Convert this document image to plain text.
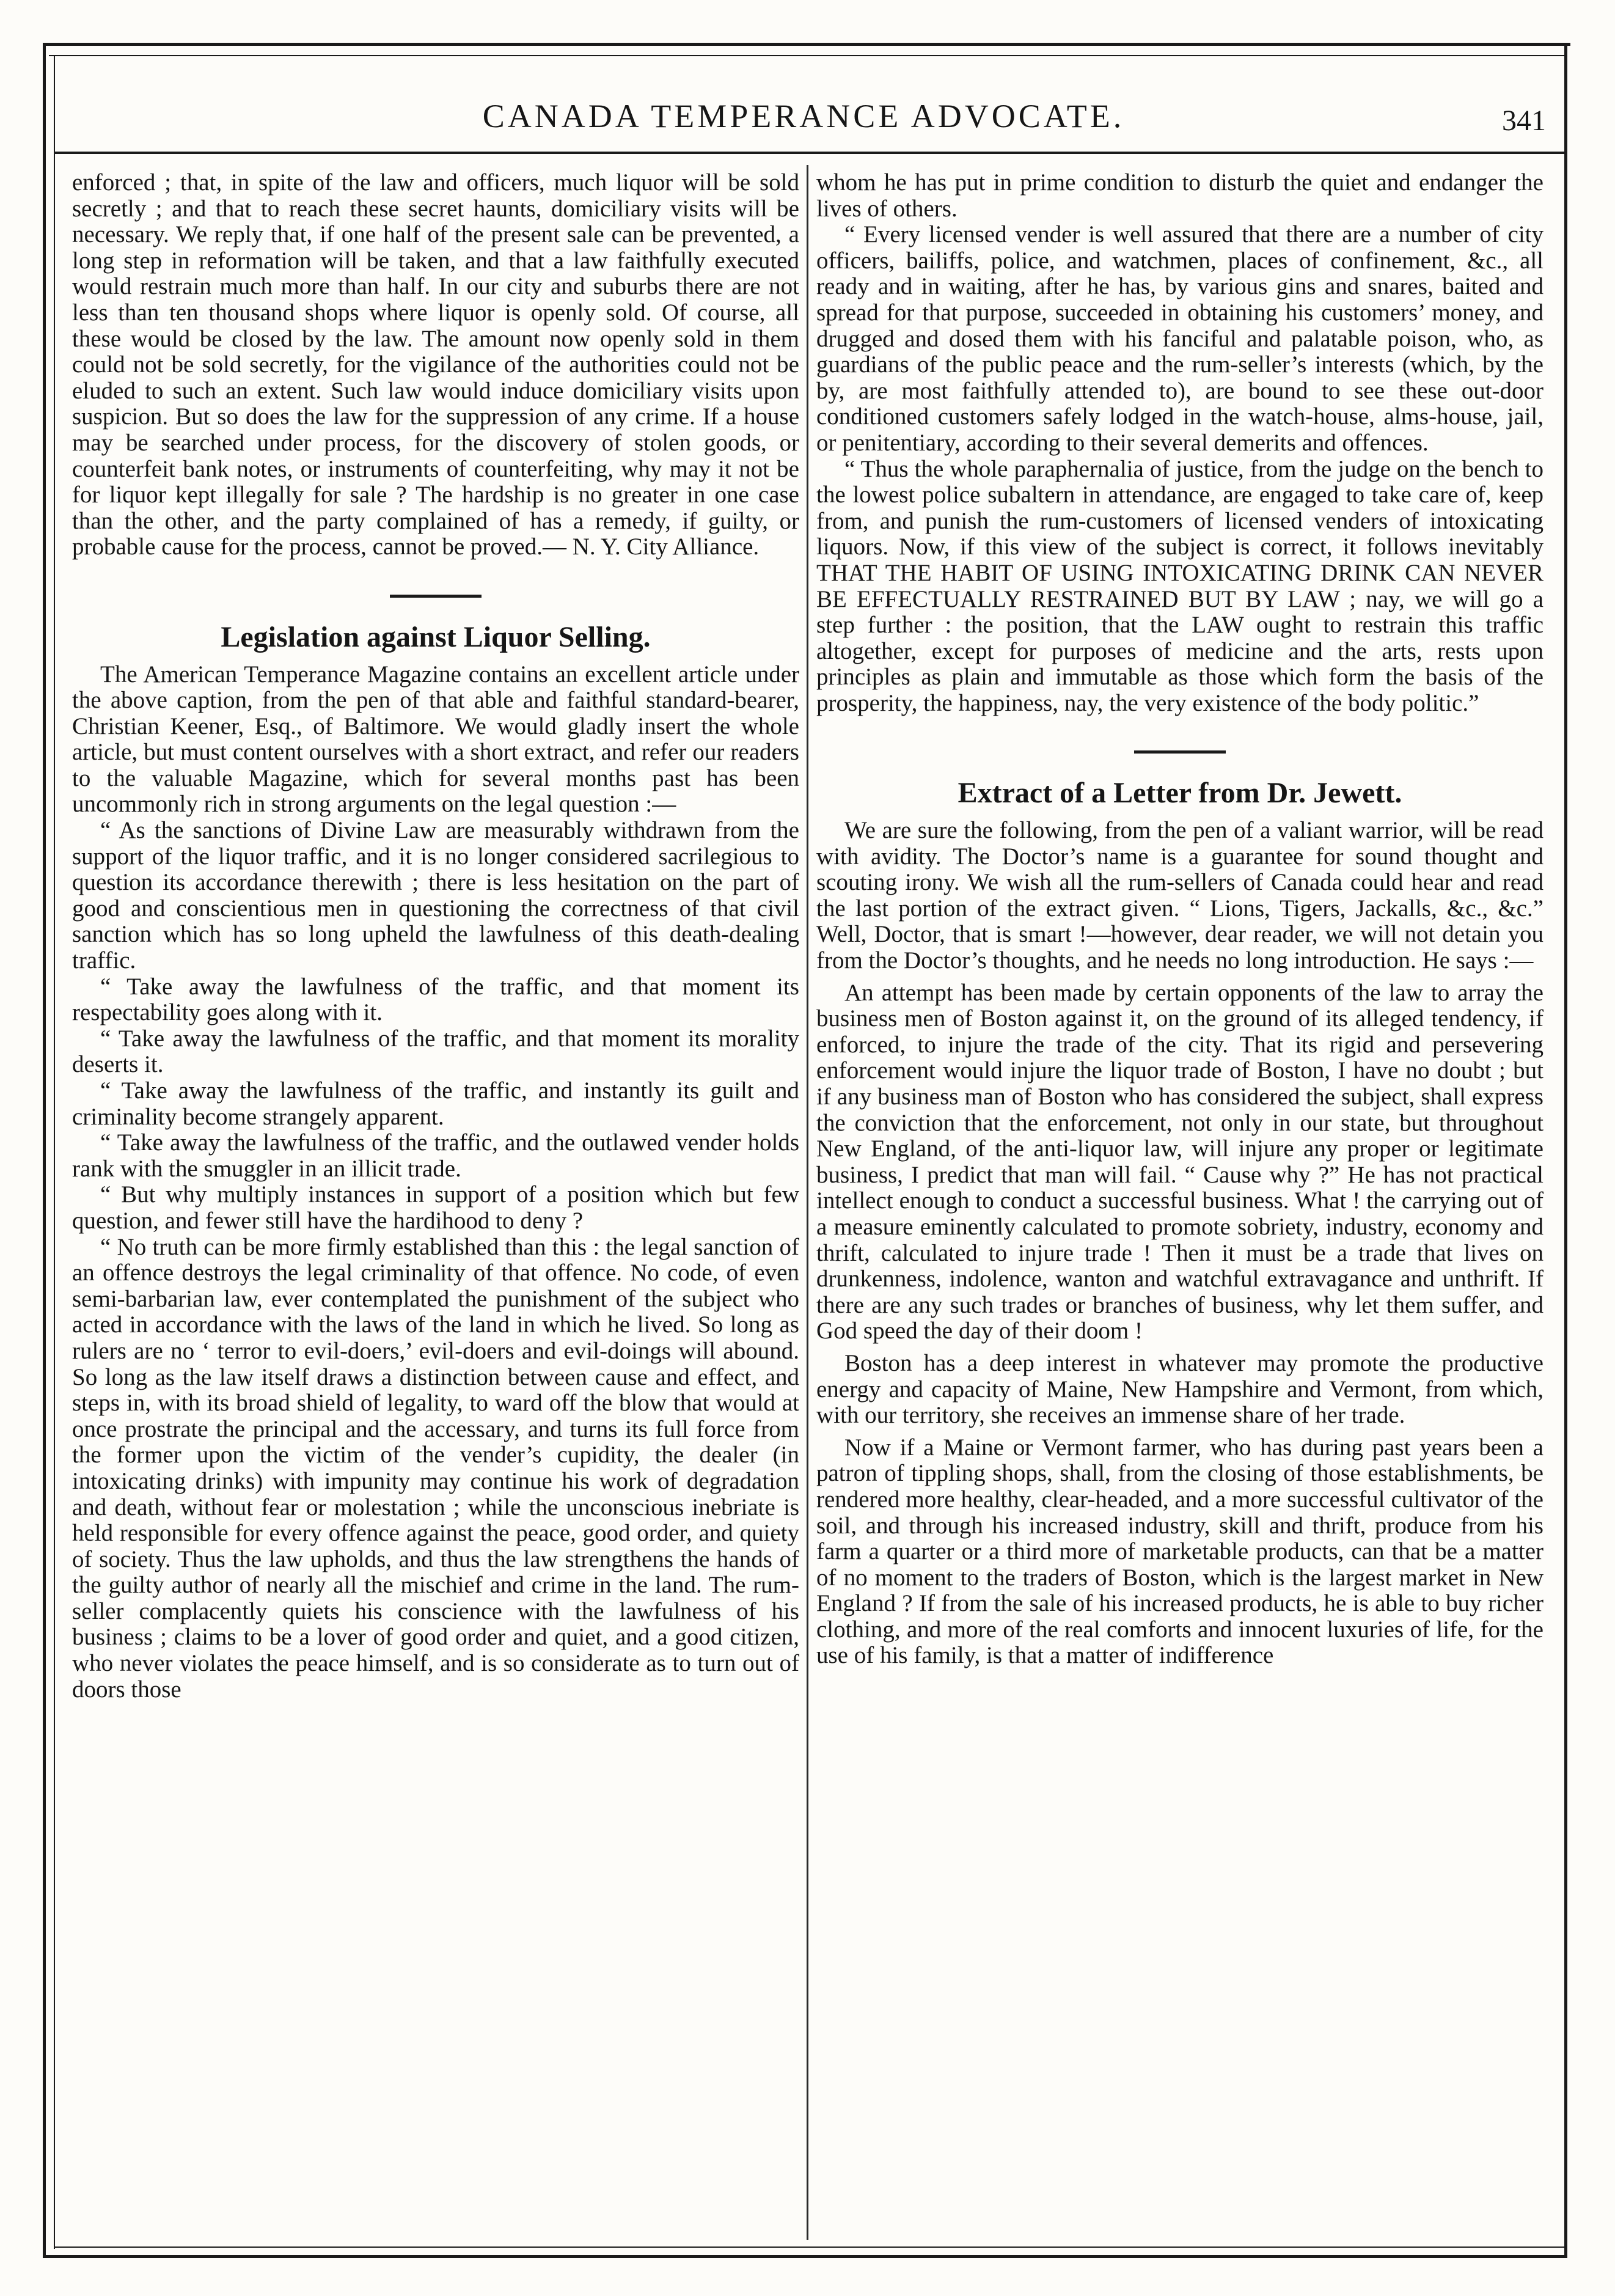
CANADA TEMPERANCE ADVOCATE.	341

enforced ; that, in spite of the law and officers, much liquor will be sold secretly ; and that to reach these secret haunts, domiciliary visits will be necessary. We reply that, if one half of the present sale can be prevented, a long step in reformation will be taken, and that a law faithfully executed would restrain much more than half. In our city and suburbs there are not less than ten thousand shops where liquor is openly sold. Of course, all these would be closed by the law. The amount now openly sold in them could not be sold secretly, for the vigilance of the authorities could not be eluded to such an extent. Such law would induce domiciliary visits upon suspicion. But so does the law for the suppression of any crime. If a house may be searched under process, for the discovery of stolen goods, or counterfeit bank notes, or instruments of counterfeiting, why may it not be for liquor kept illegally for sale ? The hardship is no greater in one case than the other, and the party complained of has a remedy, if guilty, or probable cause for the process, cannot be proved.— N. Y. City Alliance.

Legislation against Liquor Selling.

The American Temperance Magazine contains an excellent article under the above caption, from the pen of that able and faithful standard-bearer, Christian Keener, Esq., of Baltimore. We would gladly insert the whole article, but must content ourselves with a short extract, and refer our readers to the valuable Magazine, which for several months past has been uncommonly rich in strong arguments on the legal question :—

“ As the sanctions of Divine Law are measurably withdrawn from the support of the liquor traffic, and it is no longer considered sacrilegious to question its accordance therewith ; there is less hesitation on the part of good and conscientious men in questioning the correctness of that civil sanction which has so long upheld the lawfulness of this death-dealing traffic.

“ Take away the lawfulness of the traffic, and that moment its respectability goes along with it.

“ Take away the lawfulness of the traffic, and that moment its morality deserts it.

“ Take away the lawfulness of the traffic, and instantly its guilt and criminality become strangely apparent.

“ Take away the lawfulness of the traffic, and the outlawed vender holds rank with the smuggler in an illicit trade.

“ But why multiply instances in support of a position which but few question, and fewer still have the hardihood to deny ?

“ No truth can be more firmly established than this : the legal sanction of an offence destroys the legal criminality of that offence. No code, of even semi-barbarian law, ever contemplated the punishment of the subject who acted in accordance with the laws of the land in which he lived. So long as rulers are no ‘ terror to evil-doers,’ evil-doers and evil-doings will abound. So long as the law itself draws a distinction between cause and effect, and steps in, with its broad shield of legality, to ward off the blow that would at once prostrate the principal and the accessary, and turns its full force from the former upon the victim of the vender’s cupidity, the dealer (in intoxicating drinks) with impunity may continue his work of degradation and death, without fear or molestation ; while the unconscious inebriate is held responsible for every offence against the peace, good order, and quiety of society. Thus the law upholds, and thus the law strengthens the hands of the guilty author of nearly all the mischief and crime in the land. The rum-seller complacently quiets his conscience with the lawfulness of his business ; claims to be a lover of good order and quiet, and a good citizen, who never violates the peace himself, and is so considerate as to turn out of doors those

whom he has put in prime condition to disturb the quiet and endanger the lives of others.

“ Every licensed vender is well assured that there are a number of city officers, bailiffs, police, and watchmen, places of confinement, &c., all ready and in waiting, after he has, by various gins and snares, baited and spread for that purpose, succeeded in obtaining his customers’ money, and drugged and dosed them with his fanciful and palatable poison, who, as guardians of the public peace and the rum-seller’s interests (which, by the by, are most faithfully attended to), are bound to see these out-door conditioned customers safely lodged in the watch-house, alms-house, jail, or penitentiary, according to their several demerits and offences.

“ Thus the whole paraphernalia of justice, from the judge on the bench to the lowest police subaltern in attendance, are engaged to take care of, keep from, and punish the rum-customers of licensed venders of intoxicating liquors. Now, if this view of the subject is correct, it follows inevitably THAT THE HABIT OF USING INTOXICATING DRINK CAN NEVER BE EFFECTUALLY RESTRAINED BUT BY LAW ; nay, we will go a step further : the position, that the LAW ought to restrain this traffic altogether, except for purposes of medicine and the arts, rests upon principles as plain and immutable as those which form the basis of the prosperity, the happiness, nay, the very existence of the body politic.”

Extract of a Letter from Dr. Jewett.

We are sure the following, from the pen of a valiant warrior, will be read with avidity. The Doctor’s name is a guarantee for sound thought and scouting irony. We wish all the rum-sellers of Canada could hear and read the last portion of the extract given. “ Lions, Tigers, Jackalls, &c., &c.” Well, Doctor, that is smart !—however, dear reader, we will not detain you from the Doctor’s thoughts, and he needs no long introduction. He says :—

An attempt has been made by certain opponents of the law to array the business men of Boston against it, on the ground of its alleged tendency, if enforced, to injure the trade of the city. That its rigid and persevering enforcement would injure the liquor trade of Boston, I have no doubt ; but if any business man of Boston who has considered the subject, shall express the conviction that the enforcement, not only in our state, but throughout New England, of the anti-liquor law, will injure any proper or legitimate business, I predict that man will fail. “ Cause why ?” He has not practical intellect enough to conduct a successful business. What ! the carrying out of a measure eminently calculated to promote sobriety, industry, economy and thrift, calculated to injure trade ! Then it must be a trade that lives on drunkenness, indolence, wanton and watchful extravagance and unthrift. If there are any such trades or branches of business, why let them suffer, and God speed the day of their doom !

Boston has a deep interest in whatever may promote the productive energy and capacity of Maine, New Hampshire and Vermont, from which, with our territory, she receives an immense share of her trade.

Now if a Maine or Vermont farmer, who has during past years been a patron of tippling shops, shall, from the closing of those establishments, be rendered more healthy, clear-headed, and a more successful cultivator of the soil, and through his increased industry, skill and thrift, produce from his farm a quarter or a third more of marketable products, can that be a matter of no moment to the traders of Boston, which is the largest market in New England ? If from the sale of his increased products, he is able to buy richer clothing, and more of the real comforts and innocent luxuries of life, for the use of his family, is that a matter of indifference
